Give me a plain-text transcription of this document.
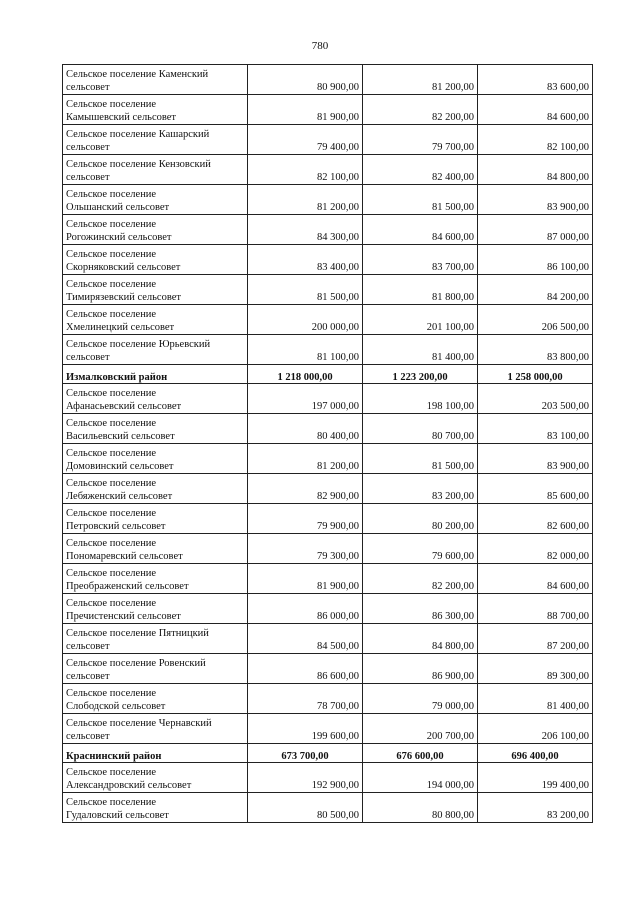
780
Сельское поселение Каменский
сельсовет	80 900,00	81 200,00	83 600,00

Сельское поселение
Камышевский сельсовет	81 900,00	82 200,00	84 600,00

Сельское поселение Кашарский
сельсовет	79 400,00	79 700,00	82 100,00

Сельское поселение Кензовский
сельсовет	82 100,00	82 400,00	84 800,00

Сельское поселение
Ольшанский сельсовет	81 200,00	81 500,00	83 900,00

Сельское поселение
Рогожинский сельсовет	84 300,00	84 600,00	87 000,00

Сельское поселение
Скорняковский сельсовет	83 400,00	83 700,00	86 100,00

Сельское поселение
Тимирязевский сельсовет	81 500,00	81 800,00	84 200,00

Сельское поселение
Хмелинецкий сельсовет	200 000,00	201 100,00	206 500,00

Сельское поселение Юрьевский
сельсовет	81 100,00	81 400,00	83 800,00
Измалковский район	1 218 000,00	1 223 200,00	1 258 000,00

Сельское поселение
Афанасьевский сельсовет	197 000,00	198 100,00	203 500,00

Сельское поселение
Васильевский сельсовет	80 400,00	80 700,00	83 100,00

Сельское поселение
Домовинский сельсовет	81 200,00	81 500,00	83 900,00

Сельское поселение
Лебяженский сельсовет	82 900,00	83 200,00	85 600,00

Сельское поселение
Петровский сельсовет	79 900,00	80 200,00	82 600,00

Сельское поселение
Пономаревский сельсовет	79 300,00	79 600,00	82 000,00

Сельское поселение
Преображенский сельсовет	81 900,00	82 200,00	84 600,00

Сельское поселение
Пречистенский сельсовет	86 000,00	86 300,00	88 700,00

Сельское поселение Пятницкий
сельсовет	84 500,00	84 800,00	87 200,00

Сельское поселение Ровенский
сельсовет	86 600,00	86 900,00	89 300,00

Сельское поселение
Слободской сельсовет	78 700,00	79 000,00	81 400,00

Сельское поселение Чернавский
сельсовет	199 600,00	200 700,00	206 100,00
Краснинский район	673 700,00	676 600,00	696 400,00

Сельское поселение
Александровский сельсовет	192 900,00	194 000,00	199 400,00

Сельское поселение
Гудаловский сельсовет	80 500,00	80 800,00	83 200,00
